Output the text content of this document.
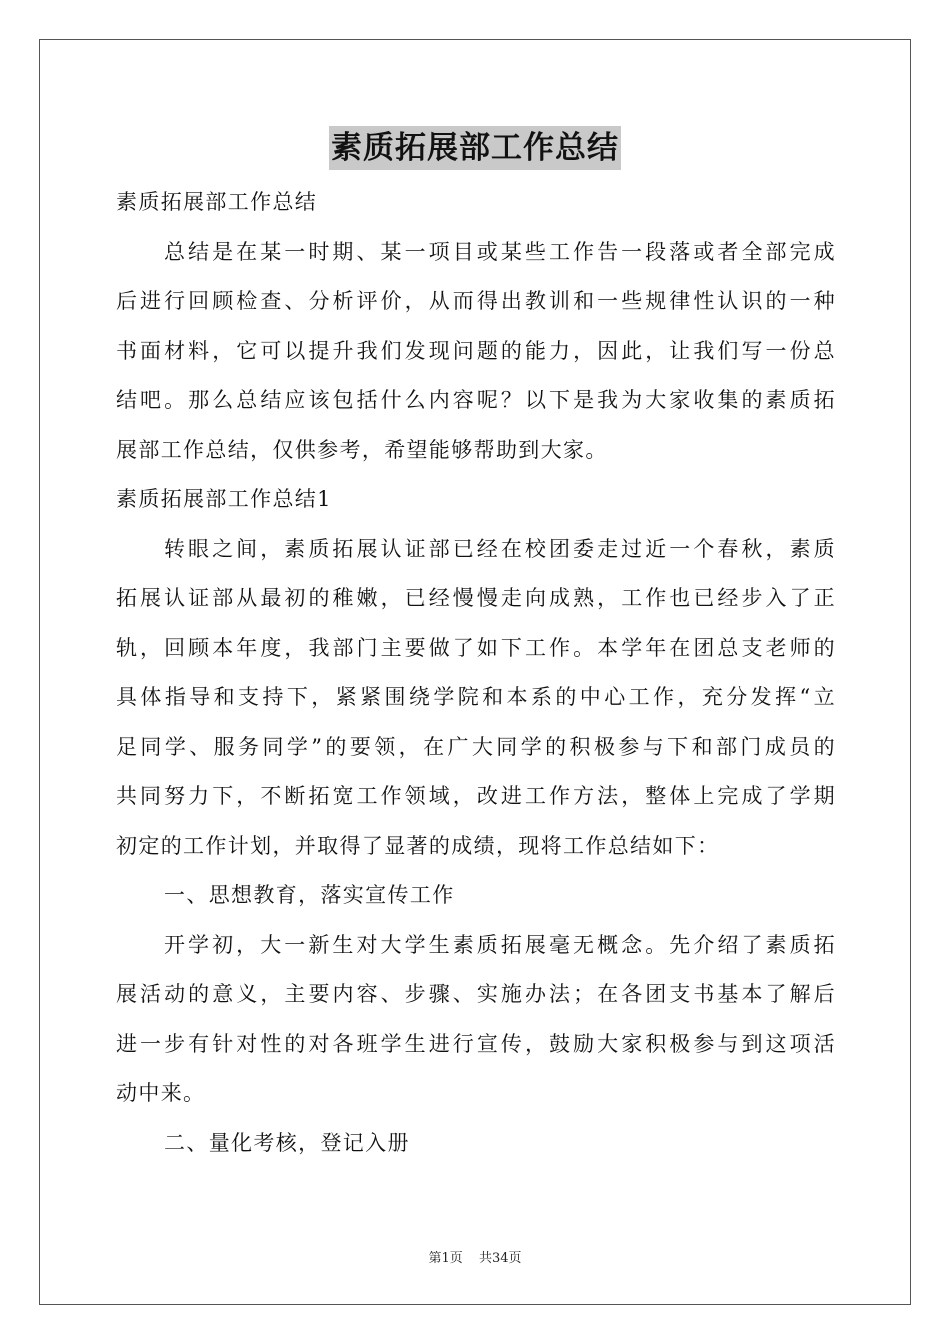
素质拓展部工作总结
素质拓展部工作总结
总结是在某一时期、某一项目或某些工作告一段落或者全部完成
后进行回顾检查、分析评价，从而得出教训和一些规律性认识的一种
书面材料，它可以提升我们发现问题的能力，因此，让我们写一份总
结吧。那么总结应该包括什么内容呢？以下是我为大家收集的素质拓
展部工作总结，仅供参考，希望能够帮助到大家。
素质拓展部工作总结1
转眼之间，素质拓展认证部已经在校团委走过近一个春秋，素质
拓展认证部从最初的稚嫩，已经慢慢走向成熟，工作也已经步入了正
轨，回顾本年度，我部门主要做了如下工作。本学年在团总支老师的
具体指导和支持下，紧紧围绕学院和本系的中心工作，充分发挥“立
足同学、服务同学”的要领，在广大同学的积极参与下和部门成员的
共同努力下，不断拓宽工作领域，改进工作方法，整体上完成了学期
初定的工作计划，并取得了显著的成绩，现将工作总结如下：
一、思想教育，落实宣传工作
开学初，大一新生对大学生素质拓展毫无概念。先介绍了素质拓
展活动的意义，主要内容、步骤、实施办法；在各团支书基本了解后
进一步有针对性的对各班学生进行宣传，鼓励大家积极参与到这项活
动中来。
二、量化考核，登记入册
第1页 共34页
